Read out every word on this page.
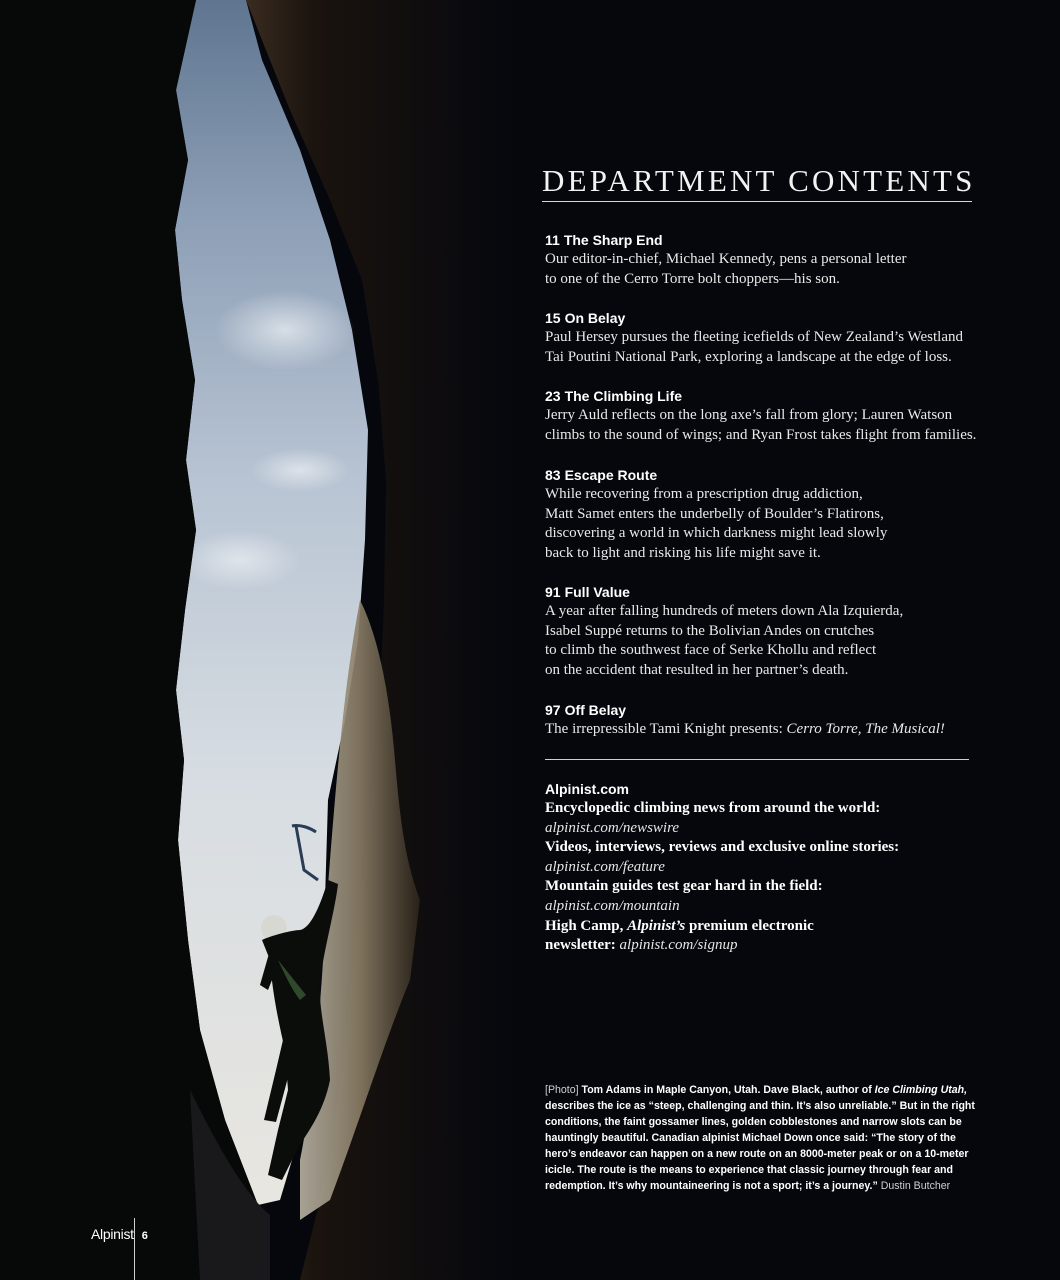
DEPARTMENT CONTENTS
11 The Sharp End
Our editor-in-chief, Michael Kennedy, pens a personal letter
to one of the Cerro Torre bolt choppers—his son.
15 On Belay
Paul Hersey pursues the fleeting icefields of New Zealand’s Westland
Tai Poutini National Park, exploring a landscape at the edge of loss.
23 The Climbing Life
Jerry Auld reflects on the long axe’s fall from glory; Lauren Watson
climbs to the sound of wings; and Ryan Frost takes flight from families.
83 Escape Route
While recovering from a prescription drug addiction,
Matt Samet enters the underbelly of Boulder’s Flatirons,
discovering a world in which darkness might lead slowly
back to light and risking his life might save it.
91 Full Value
A year after falling hundreds of meters down Ala Izquierda,
Isabel Suppé returns to the Bolivian Andes on crutches
to climb the southwest face of Serke Khollu and reflect
on the accident that resulted in her partner’s death.
97 Off Belay
The irrepressible Tami Knight presents: Cerro Torre, The Musical!
Alpinist.com
Encyclopedic climbing news from around the world:
alpinist.com/newswire
Videos, interviews, reviews and exclusive online stories:
alpinist.com/feature
Mountain guides test gear hard in the field:
alpinist.com/mountain
High Camp, Alpinist’s premium electronic
newsletter: alpinist.com/signup
[Photo] Tom Adams in Maple Canyon, Utah. Dave Black, author of Ice Climbing Utah, describes the ice as “steep, challenging and thin. It’s also unreliable.” But in the right conditions, the faint gossamer lines, golden cobblestones and narrow slots can be hauntingly beautiful. Canadian alpinist Michael Down once said: “The story of the hero’s endeavor can happen on a new route on an 8000-meter peak or on a 10-meter icicle. The route is the means to experience that classic journey through fear and redemption. It’s why mountaineering is not a sport; it’s a journey.” Dustin Butcher
Alpinist 6
